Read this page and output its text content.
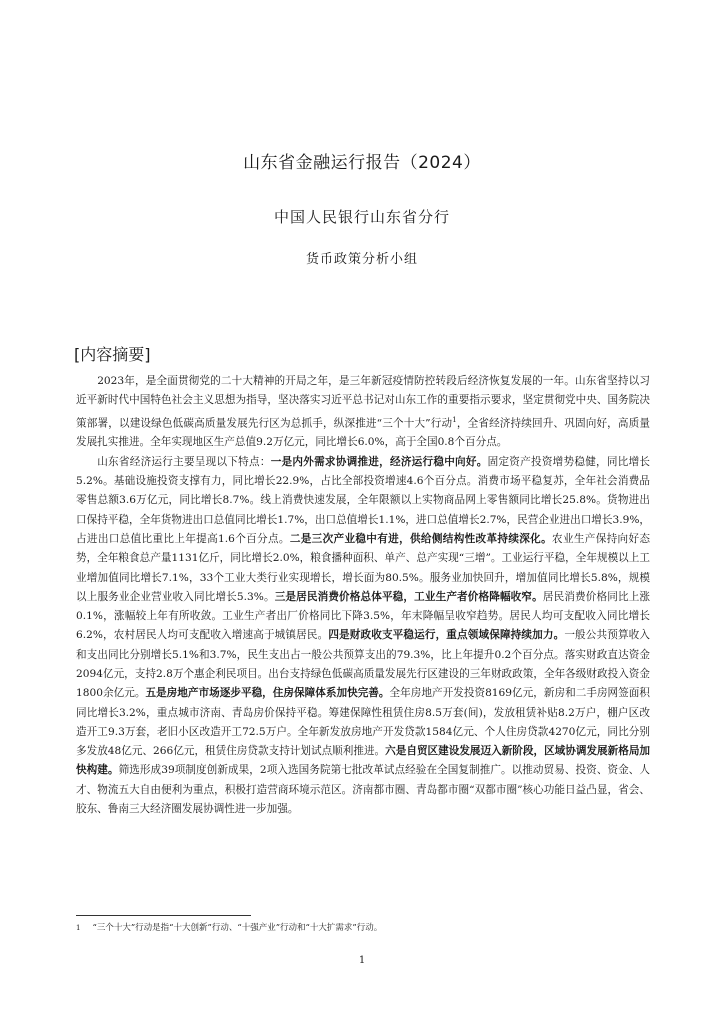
山东省金融运行报告（2024）
中国人民银行山东省分行
货币政策分析小组
[内容摘要]

2023年，是全面贯彻党的二十大精神的开局之年，是三年新冠疫情防控转段后经济恢复发展的一年。山东省坚持以习近平新时代中国特色社会主义思想为指导，坚决落实习近平总书记对山东工作的重要指示要求，坚定贯彻党中央、国务院决策部署，以建设绿色低碳高质量发展先行区为总抓手，纵深推进“三个十大”行动$^1$，全省经济持续回升、巩固向好，高质量发展扎实推进。全年实现地区生产总值9.2万亿元，同比增长6.0%，高于全国0.8个百分点。

山东省经济运行主要呈现以下特点：一是内外需求协调推进，经济运行稳中向好。固定资产投资增势稳健，同比增长5.2%。基础设施投资支撑有力，同比增长22.9%，占比全部投资增速4.6个百分点。消费市场平稳复苏，全年社会消费品零售总额3.6万亿元，同比增长8.7%。线上消费快速发展，全年限额以上实物商品网上零售额同比增长25.8%。货物进出口保持平稳，全年货物进出口总值同比增长1.7%，出口总值增长1.1%，进口总值增长2.7%，民营企业进出口增长3.9%，占进出口总值比重比上年提高1.6个百分点。二是三次产业稳中有进，供给侧结构性改革持续深化。农业生产保持向好态势，全年粮食总产量1131亿斤，同比增长2.0%，粮食播种面积、单产、总产实现“三增”。工业运行平稳，全年规模以上工业增加值同比增长7.1%，33个工业大类行业实现增长，增长面为80.5%。服务业加快回升，增加值同比增长5.8%，规模以上服务业企业营业收入同比增长5.3%。三是居民消费价格总体平稳，工业生产者价格降幅收窄。居民消费价格同比上涨0.1%，涨幅较上年有所收敛。工业生产者出厂价格同比下降3.5%，年末降幅呈收窄趋势。居民人均可支配收入同比增长6.2%，农村居民人均可支配收入增速高于城镇居民。四是财政收支平稳运行，重点领域保障持续加力。一般公共预算收入和支出同比分别增长5.1%和3.7%，民生支出占一般公共预算支出的79.3%，比上年提升0.2个百分点。落实财政直达资金2094亿元，支持2.8万个惠企利民项目。出台支持绿色低碳高质量发展先行区建设的三年财政政策，全年各级财政投入资金1800余亿元。五是房地产市场逐步平稳，住房保障体系加快完善。全年房地产开发投资8169亿元，新房和二手房网签面积同比增长3.2%，重点城市济南、青岛房价保持平稳。筹建保障性租赁住房8.5万套(间)，发放租赁补贴8.2万户，棚户区改造开工9.3万套，老旧小区改造开工72.5万户。全年新发放房地产开发贷款1584亿元、个人住房贷款4270亿元，同比分别多发放48亿元、266亿元，租赁住房贷款支持计划试点顺利推进。六是自贸区建设发展迈入新阶段，区域协调发展新格局加快构建。筛选形成39项制度创新成果，2项入选国务院第七批改革试点经验在全国复制推广。以推动贸易、投资、资金、人才、物流五大自由便利为重点，积极打造营商环境示范区。济南都市圈、青岛都市圈“双都市圈”核心功能日益凸显，省会、胶东、鲁南三大经济圈发展协调性进一步加强。

$^1$ “三个十大”行动是指“十大创新”行动、“十强产业”行动和“十大扩需求”行动。
1
